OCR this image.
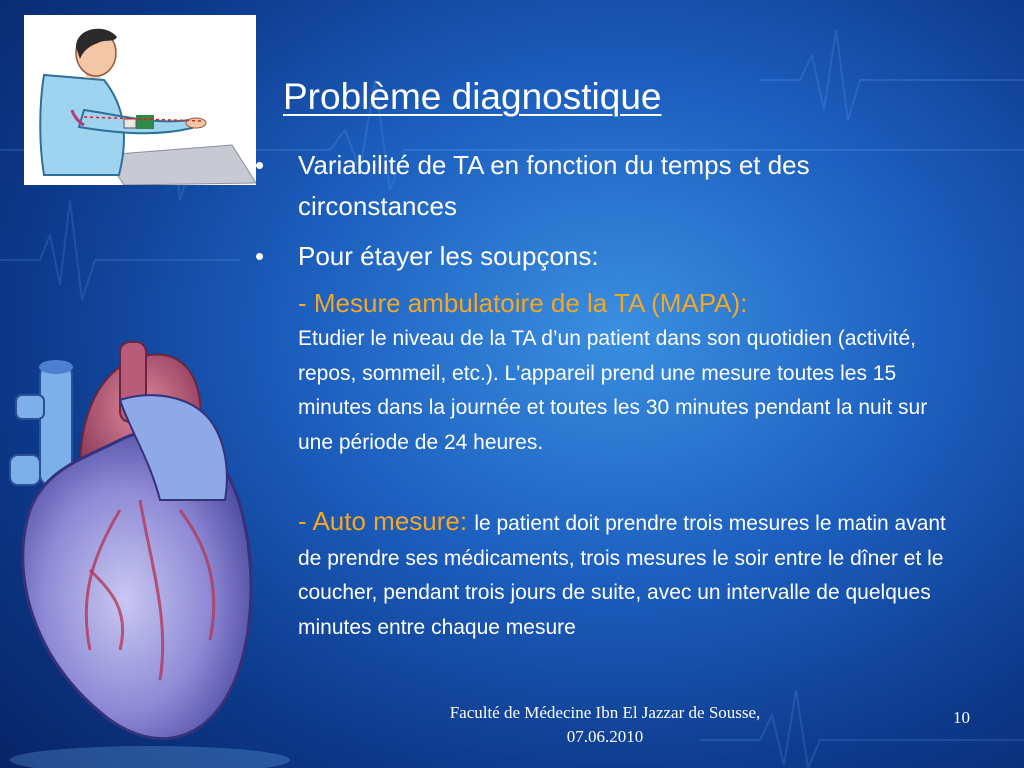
Problème diagnostique
•	Variabilité de TA en fonction du temps et des circonstances
•	Pour étayer les soupçons:
- Mesure ambulatoire de la TA (MAPA):
Etudier le niveau de la TA d’un patient dans son quotidien (activité, repos, sommeil, etc.). L'appareil prend une mesure toutes les 15 minutes dans la journée et toutes les 30 minutes pendant la nuit sur une période de 24 heures.
- Auto mesure: le patient doit prendre trois mesures le matin avant de prendre ses médicaments, trois mesures le soir entre le dîner et le coucher, pendant trois jours de suite, avec un intervalle de quelques minutes entre chaque mesure
Faculté de Médecine Ibn El Jazzar de Sousse, 07.06.2010
10
